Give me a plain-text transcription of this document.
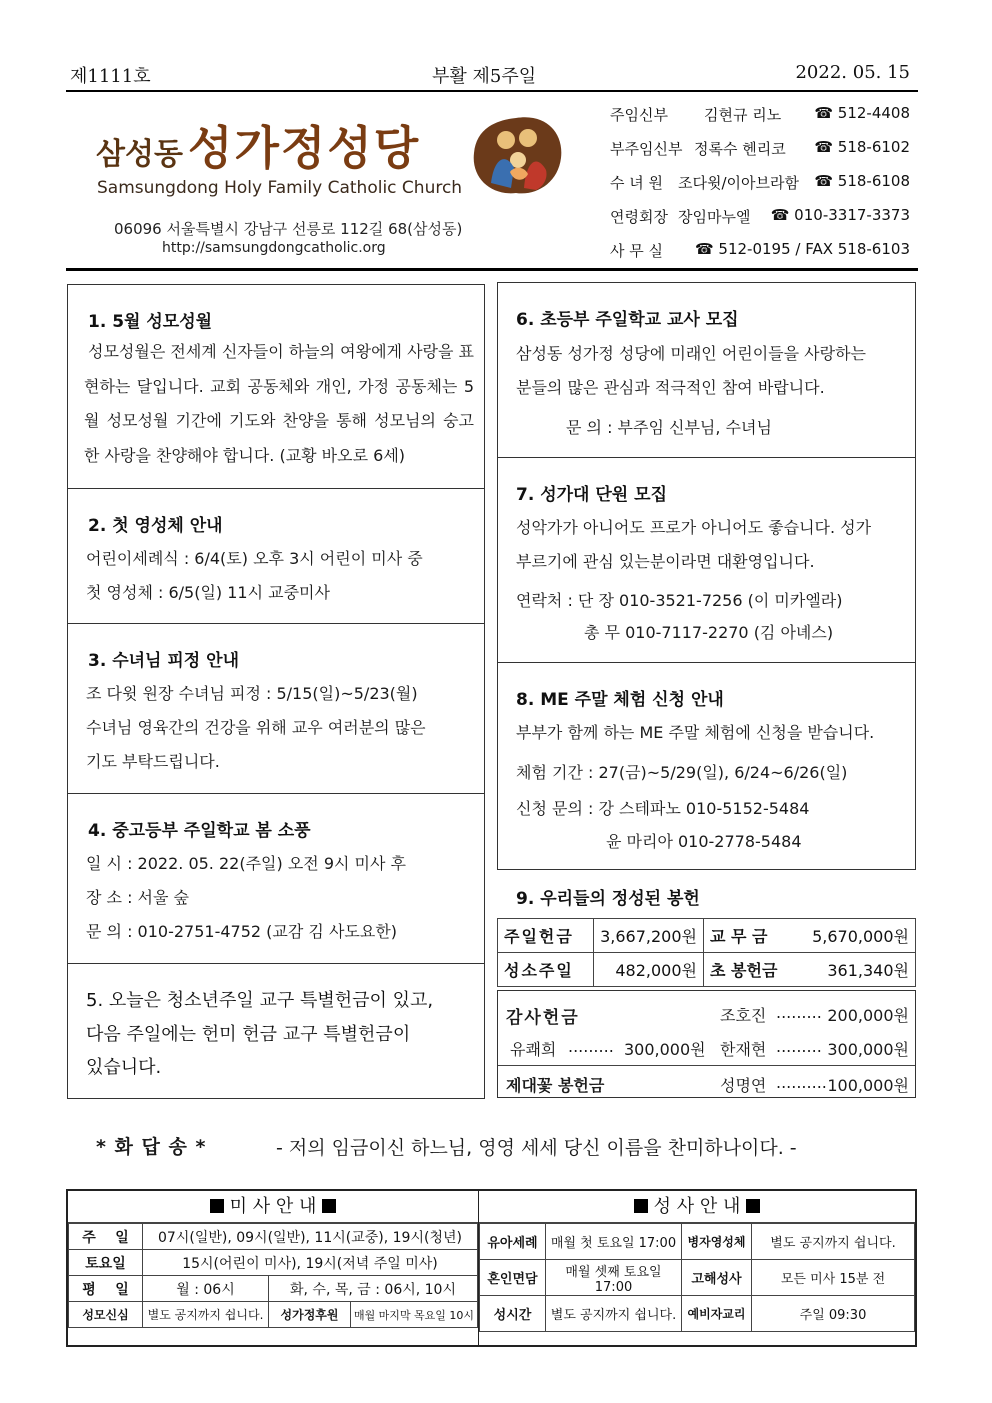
제1111호	부활 제5주일	2022. 05. 15
삼성동 성가정성당
Samsungdong Holy Family Catholic Church
06096 서울특별시 강남구 선릉로 112길 68(삼성동)
http://samsungdongcatholic.org
주임신부 김현규 리노 ☎ 512-4408
부주임신부 정록수 헨리코 ☎ 518-6102
수 녀 원 조다윗/이아브라함 ☎ 518-6108
연령회장 장임마누엘 ☎ 010-3317-3373
사 무 실 ☎ 512-0195 / FAX 518-6103
1. 5월 성모성월
성모성월은 전세계 신자들이 하늘의 여왕에게 사랑을 표현하는 달입니다. 교회 공동체와 개인, 가정 공동체는 5월 성모성월 기간에 기도와 찬양을 통해 성모님의 숭고한 사랑을 찬양해야 합니다. (교황 바오로 6세)
2. 첫 영성체 안내
어린이세례식 : 6/4(토) 오후 3시 어린이 미사 중
첫 영성체 : 6/5(일) 11시 교중미사
3. 수녀님 피정 안내
조 다윗 원장 수녀님 피정 : 5/15(일)~5/23(월)
수녀님 영육간의 건강을 위해 교우 여러분의 많은
기도 부탁드립니다.
4. 중고등부 주일학교 봄 소풍
일 시 : 2022. 05. 22(주일) 오전 9시 미사 후
장 소 : 서울 숲
문 의 : 010-2751-4752 (교감 김 사도요한)
5. 오늘은 청소년주일 교구 특별헌금이 있고,
다음 주일에는 헌미 헌금 교구 특별헌금이
있습니다.
6. 초등부 주일학교 교사 모집
삼성동 성가정 성당에 미래인 어린이들을 사랑하는
분들의 많은 관심과 적극적인 참여 바랍니다.
문 의 : 부주임 신부님, 수녀님
7. 성가대 단원 모집
성악가가 아니어도 프로가 아니어도 좋습니다. 성가
부르기에 관심 있는분이라면 대환영입니다.
연락처 : 단 장 010-3521-7256 (이 미카엘라)
총 무 010-7117-2270 (김 아녜스)
8. ME 주말 체험 신청 안내
부부가 함께 하는 ME 주말 체험에 신청을 받습니다.
체험 기간 : 27(금)~5/29(일), 6/24~6/26(일)
신청 문의 : 강 스테파노 010-5152-5484
윤 마리아 010-2778-5484
9. 우리들의 정성된 봉헌
주일헌금	3,667,200원	교 무 금	5,670,000원
성소주일	482,000원	초 봉헌금	361,340원
감사헌금	조호진 ......... 200,000원
유쾌희 ......... 300,000원 한재현 ......... 300,000원
제대꽃 봉헌금	성명연 .......... 100,000원
* 화 답 송 *	- 저의 임금이신 하느님, 영영 세세 당신 이름을 찬미하나이다. -
미 사 안 내	성 사 안 내
주    일	07시(일반), 09시(일반), 11시(교중), 19시(청년)		
토요일	15시(어린이 미사), 19시(저녁 주일 미사)		
평    일	월 : 06시	화, 수, 목, 금 : 06시, 10시	
성모신심	별도 공지까지 쉽니다.	성가정후원	매월 마지막 목요일 10시
유아세례	매월 첫 토요일 17:00	병자영성체	별도 공지까지 쉽니다.
혼인면담	매월 셋째 토요일 17:00	고해성사	모든 미사 15분 전
성시간	별도 공지까지 쉽니다.	예비자교리	주일 09:30
